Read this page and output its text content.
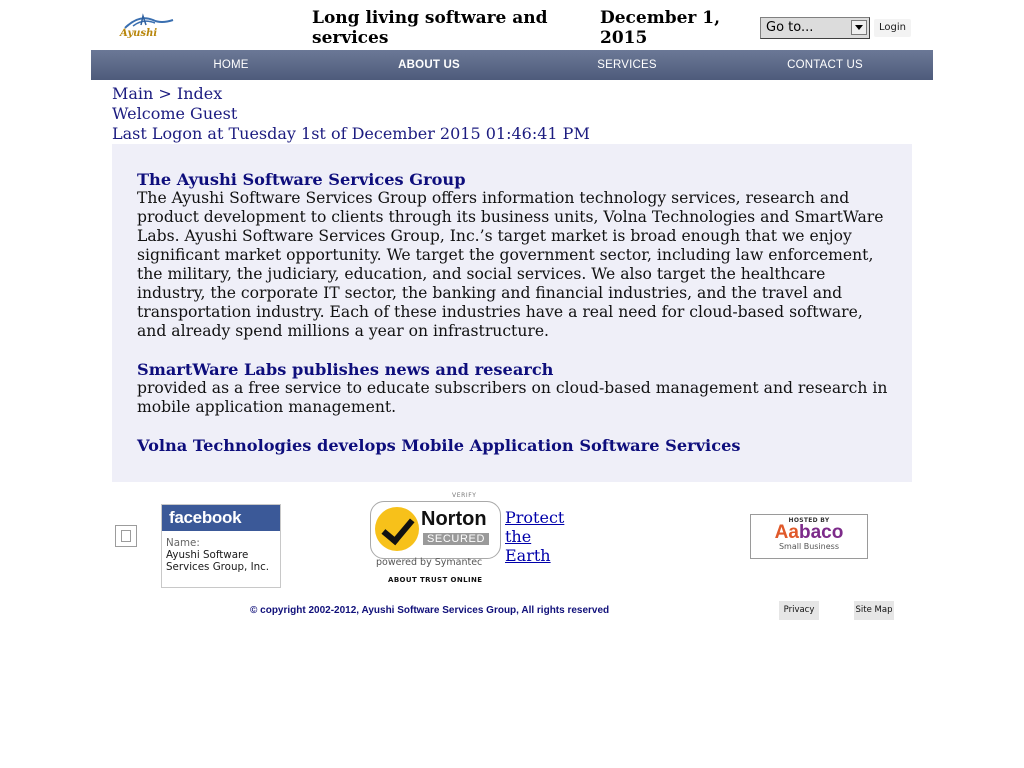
Ayushi
Long living software and services
December 1, 2015
Go to...	Login
HOME	ABOUT US	SERVICES	CONTACT US
Main > Index
Welcome Guest
Last Logon at Tuesday 1st of December 2015 01:46:41 PM
The Ayushi Software Services Group
The Ayushi Software Services Group offers information technology services, research and product development to clients through its business units, Volna Technologies and SmartWare Labs. Ayushi Software Services Group, Inc.’s target market is broad enough that we enjoy significant market opportunity. We target the government sector, including law enforcement, the military, the judiciary, education, and social services. We also target the healthcare industry, the corporate IT sector, the banking and financial industries, and the travel and transportation industry. Each of these industries have a real need for cloud-based software, and already spend millions a year on infrastructure.
SmartWare Labs publishes news and research
provided as a free service to educate subscribers on cloud-based management and research in mobile application management.
Volna Technologies develops Mobile Application Software Services
facebook
Name:
Ayushi Software Services Group, Inc.
VERIFY
Norton
SECURED
powered by Symantec
ABOUT TRUST ONLINE
Protect the Earth
HOSTED BY
Aabaco
Small Business
© copyright 2002-2012, Ayushi Software Services Group, All rights reserved	Privacy	Site Map
